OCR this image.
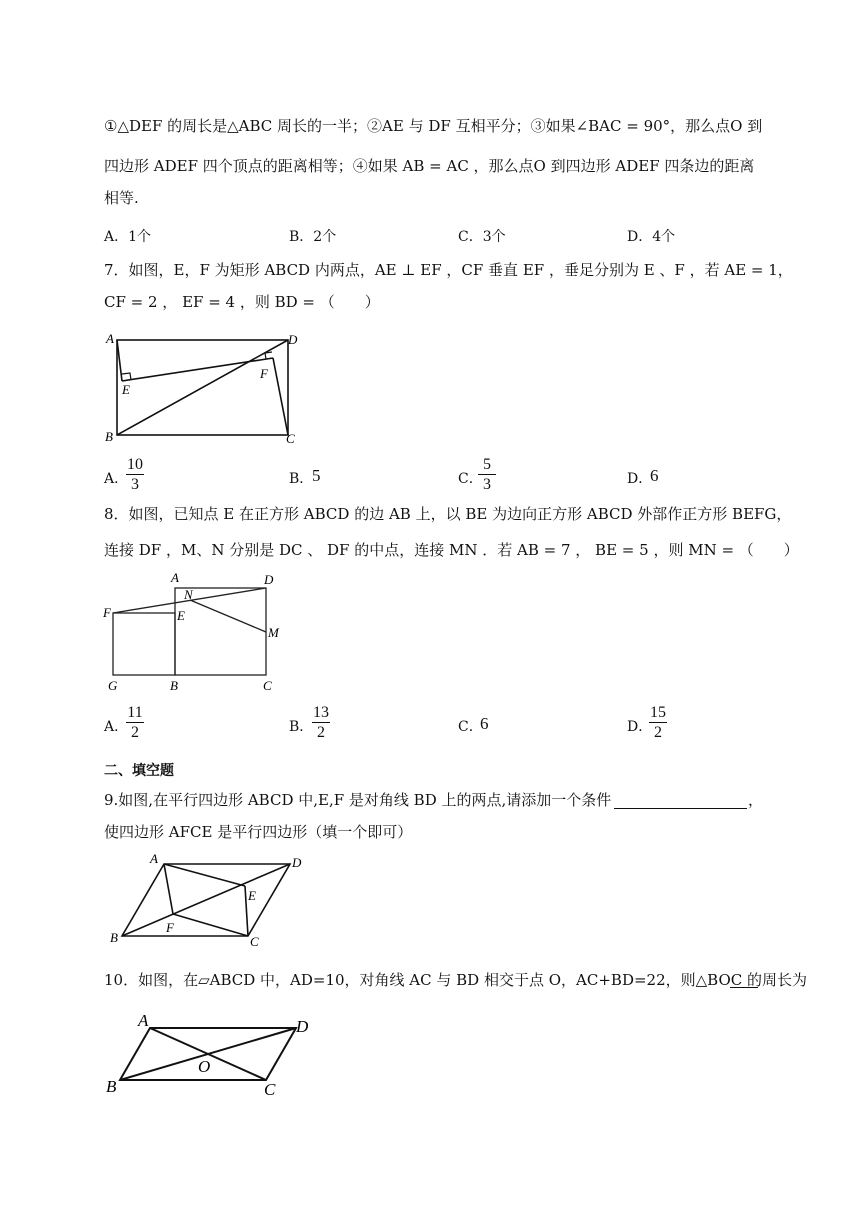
①△DEF 的周长是△ABC 周长的一半；②AE 与 DF 互相平分；③如果∠BAC = 90°，那么点O 到
四边形 ADEF 四个顶点的距离相等；④如果 AB = AC ，那么点O 到四边形 ADEF 四条边的距离
相等.
A．1个	B．2个	C．3个	D．4个
7．如图，E，F 为矩形 ABCD 内两点，AE ⊥ EF ，CF 垂直 EF ，垂足分别为 E 、F ，若 AE = 1，
CF = 2 ， EF = 4 ，则 BD = （　　）
A	D
E
F
B	C
A．
10
3	B．
5	C．
5
3	D．
6
8．如图，已知点 E 在正方形 ABCD 的边 AB 上，以 BE 为边向正方形 ABCD 外部作正方形 BEFG，
连接 DF ，M、N 分别是 DC 、 DF 的中点，连接 MN ．若 AB = 7 ， BE = 5 ，则 MN = （　　）
A	D
N
F	E
M
G	B	C
A．
11
2	B．
13
2	C．
6	D．
15
2
二、填空题
9.如图,在平行四边形 ABCD 中,E,F 是对角线 BD 上的两点,请添加一个条件	，
使四边形 AFCE 是平行四边形（填一个即可）
A	D
E
F
B	C
10．如图，在▱ABCD 中，AD=10，对角线 AC 与 BD 相交于点 O，AC+BD=22，则△BOC 的周长为
A	D
O
B	C
